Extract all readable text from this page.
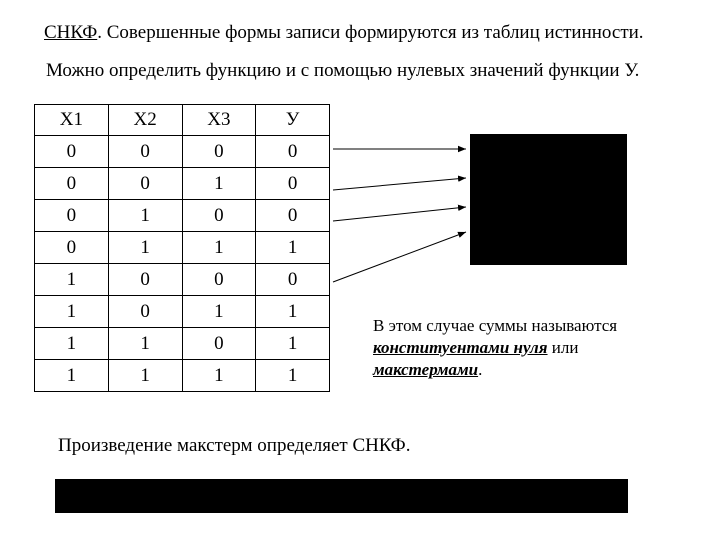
СНКФ. Совершенные формы записи формируются из таблиц истинности.
Можно определить функцию и с помощью нулевых значений функции У.
X1	X2	X3	У
0	0	0	0
0	0	1	0
0	1	0	0
0	1	1	1
1	0	0	0
1	0	1	1
1	1	0	1
1	1	1	1
В этом случае суммы называются
конституентами нуля или
макстермами.
Произведение макстерм определяет СНКФ.
